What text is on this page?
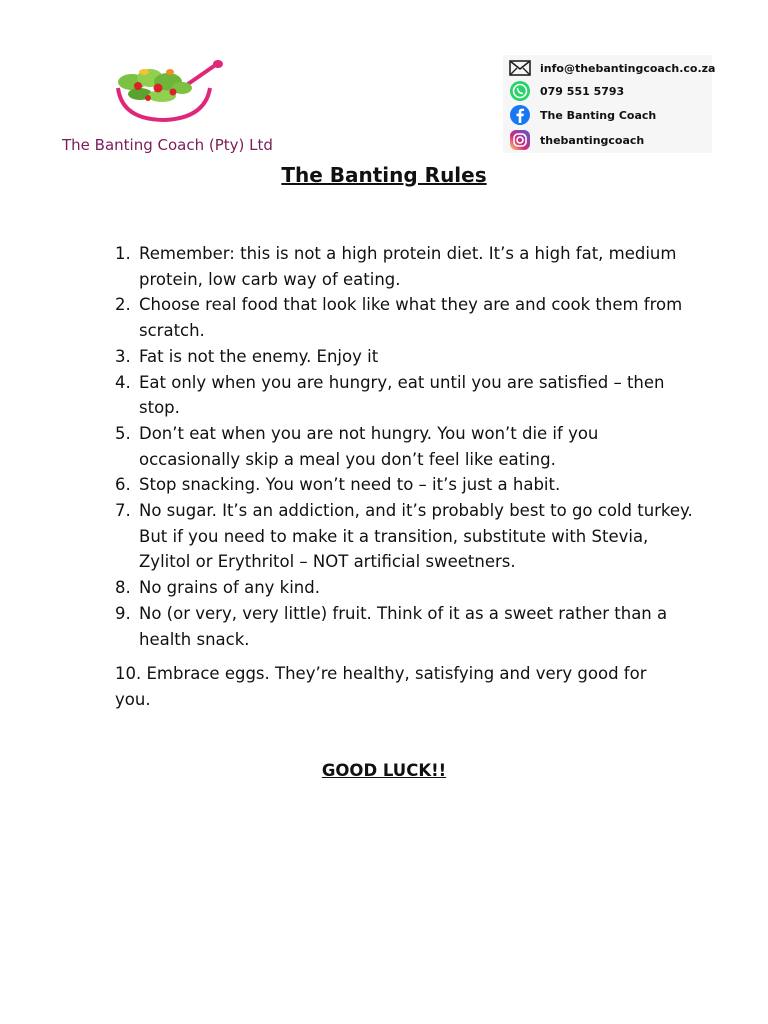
The Banting Coach (Pty) Ltd
info@thebantingcoach.co.za
079 551 5793
The Banting Coach
thebantingcoach
The Banting Rules
1. Remember: this is not a high protein diet. It’s a high fat, medium protein, low carb way of eating.
2. Choose real food that look like what they are and cook them from scratch.
3. Fat is not the enemy. Enjoy it
4. Eat only when you are hungry, eat until you are satisfied – then stop.
5. Don’t eat when you are not hungry. You won’t die if you occasionally skip a meal you don’t feel like eating.
6. Stop snacking. You won’t need to – it’s just a habit.
7. No sugar. It’s an addiction, and it’s probably best to go cold turkey. But if you need to make it a transition, substitute with Stevia, Zylitol or Erythritol – NOT artificial sweetners.
8. No grains of any kind.
9. No (or very, very little) fruit. Think of it as a sweet rather than a health snack.
10. Embrace eggs. They’re healthy, satisfying and very good for you.
GOOD LUCK!!
